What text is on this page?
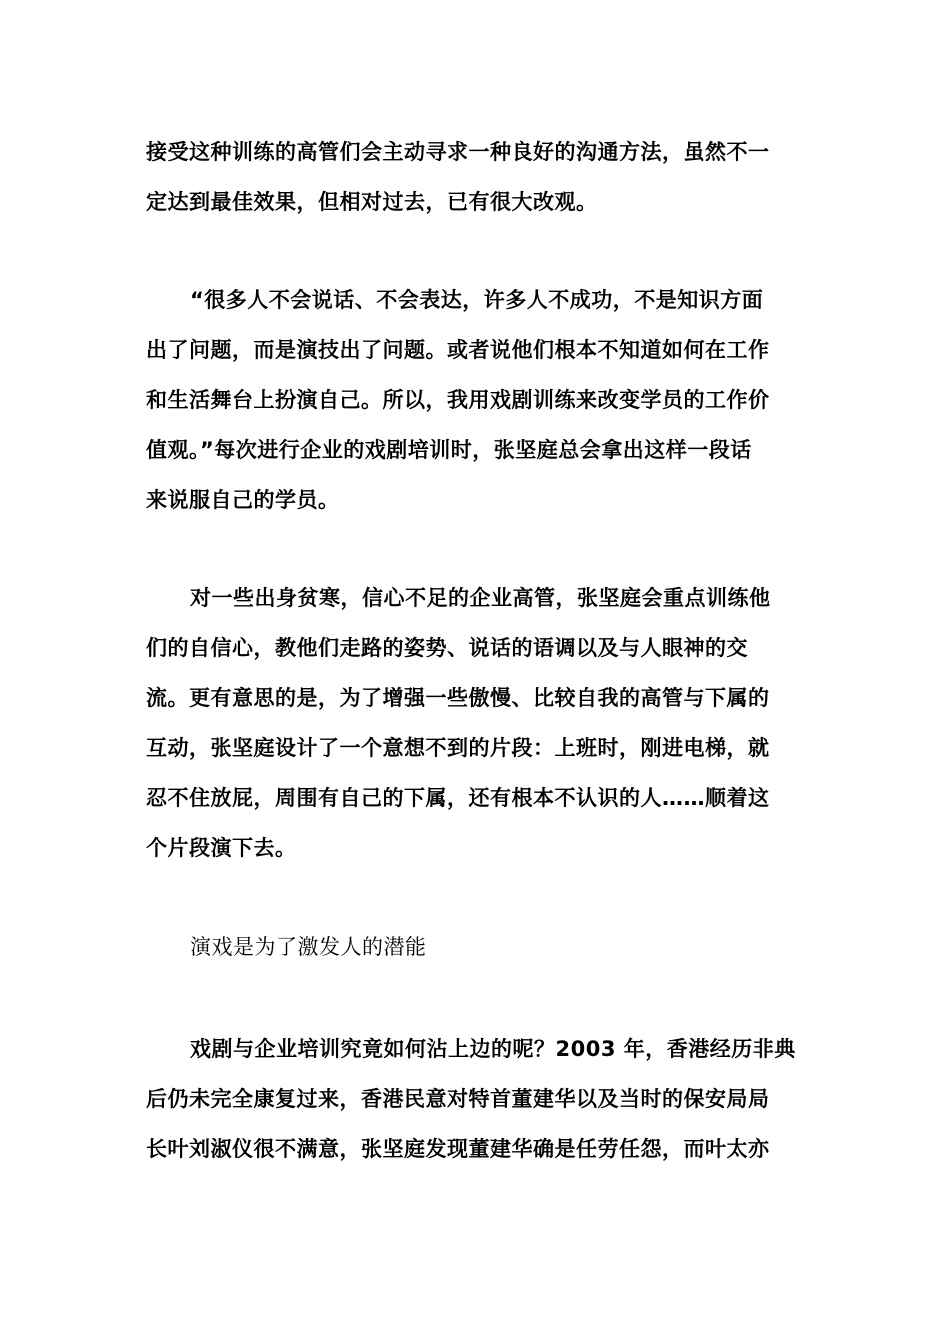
接受这种训练的高管们会主动寻求一种良好的沟通方法，虽然不一
定达到最佳效果，但相对过去，已有很大改观。
“很多人不会说话、不会表达，许多人不成功，不是知识方面
出了问题，而是演技出了问题。或者说他们根本不知道如何在工作
和生活舞台上扮演自己。所以，我用戏剧训练来改变学员的工作价
值观。”每次进行企业的戏剧培训时，张坚庭总会拿出这样一段话
来说服自己的学员。
对一些出身贫寒，信心不足的企业高管，张坚庭会重点训练他
们的自信心，教他们走路的姿势、说话的语调以及与人眼神的交
流。更有意思的是，为了增强一些傲慢、比较自我的高管与下属的
互动，张坚庭设计了一个意想不到的片段：上班时，刚进电梯，就
忍不住放屁，周围有自己的下属，还有根本不认识的人……顺着这
个片段演下去。
演戏是为了激发人的潜能
戏剧与企业培训究竟如何沾上边的呢？2003 年，香港经历非典
后仍未完全康复过来，香港民意对特首董建华以及当时的保安局局
长叶刘淑仪很不满意，张坚庭发现董建华确是任劳任怨，而叶太亦
